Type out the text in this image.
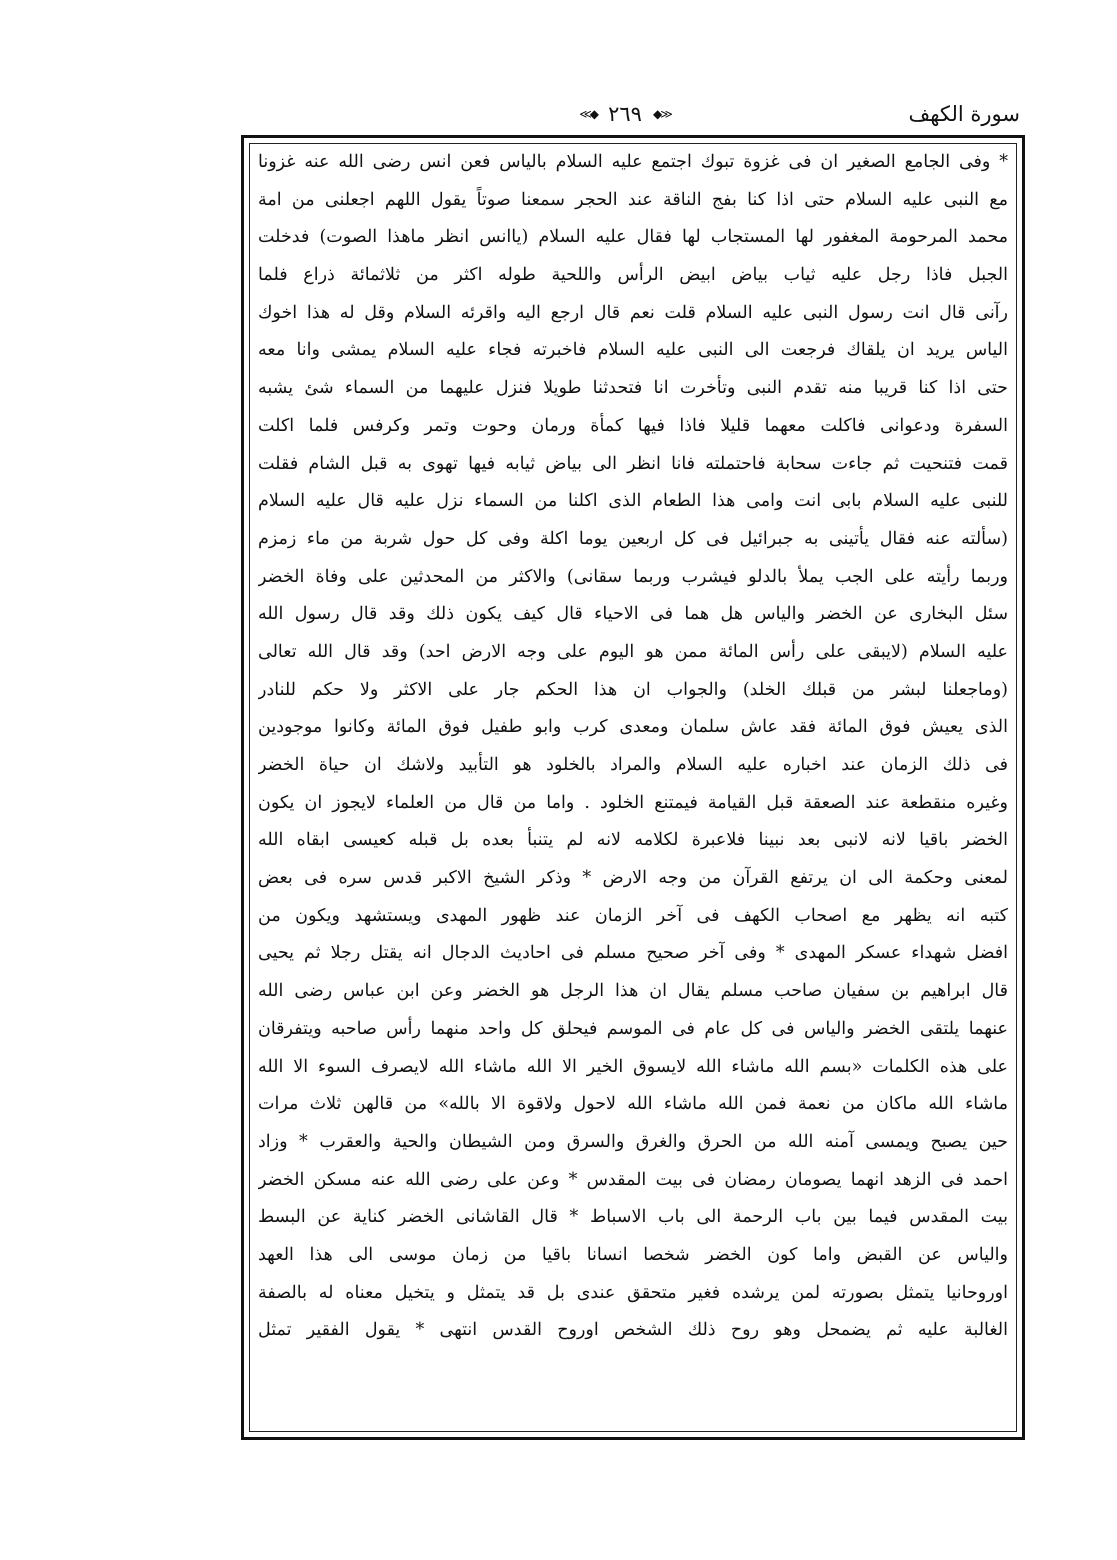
سورة الكهف
≪◆ ٢٦٩ ◆≫
* وفى الجامع الصغير ان فى غزوة تبوك اجتمع عليه السلام بالياس فعن انس رضى الله عنه غزونا
مع النبى عليه السلام حتى اذا كنا بفج الناقة عند الحجر سمعنا صوتاً يقول اللهم اجعلنى من امة
محمد المرحومة المغفور لها المستجاب لها فقال عليه السلام (ياانس انظر ماهذا الصوت) فدخلت
الجبل فاذا رجل عليه ثياب بياض ابيض الرأس واللحية طوله اكثر من ثلاثمائة ذراع فلما
رآنى قال انت رسول النبى عليه السلام قلت نعم قال ارجع اليه واقرئه السلام وقل له هذا اخوك
الياس يريد ان يلقاك فرجعت الى النبى عليه السلام فاخبرته فجاء عليه السلام يمشى وانا معه
حتى اذا كنا قريبا منه تقدم النبى وتأخرت انا فتحدثنا طويلا فنزل عليهما من السماء شئ يشبه
السفرة ودعوانى فاكلت معهما قليلا فاذا فيها كمأة ورمان وحوت وتمر وكرفس فلما اكلت
قمت فتنحيت ثم جاءت سحابة فاحتملته فانا انظر الى بياض ثيابه فيها تهوى به قبل الشام فقلت
للنبى عليه السلام بابى انت وامى هذا الطعام الذى اكلنا من السماء نزل عليه قال عليه السلام
(سألته عنه فقال يأتينى به جبرائيل فى كل اربعين يوما اكلة وفى كل حول شربة من ماء زمزم
وربما رأيته على الجب يملأ بالدلو فيشرب وربما سقانى) والاكثر من المحدثين على وفاة الخضر
سئل البخارى عن الخضر والياس هل هما فى الاحياء قال كيف يكون ذلك وقد قال رسول الله
عليه السلام (لايبقى على رأس المائة ممن هو اليوم على وجه الارض احد) وقد قال الله تعالى
(وماجعلنا لبشر من قبلك الخلد) والجواب ان هذا الحكم جار على الاكثر ولا حكم للنادر
الذى يعيش فوق المائة فقد عاش سلمان ومعدى كرب وابو طفيل فوق المائة وكانوا موجودين
فى ذلك الزمان عند اخباره عليه السلام والمراد بالخلود هو التأبيد ولاشك ان حياة الخضر
وغيره منقطعة عند الصعقة قبل القيامة فيمتنع الخلود . واما من قال من العلماء لايجوز ان يكون
الخضر باقيا لانه لانبى بعد نبينا فلاعبرة لكلامه لانه لم يتنبأ بعده بل قبله كعيسى ابقاه الله
لمعنى وحكمة الى ان يرتفع القرآن من وجه الارض * وذكر الشيخ الاكبر قدس سره فى بعض
كتبه انه يظهر مع اصحاب الكهف فى آخر الزمان عند ظهور المهدى ويستشهد ويكون من
افضل شهداء عسكر المهدى * وفى آخر صحيح مسلم فى احاديث الدجال انه يقتل رجلا ثم يحيى
قال ابراهيم بن سفيان صاحب مسلم يقال ان هذا الرجل هو الخضر وعن ابن عباس رضى الله
عنهما يلتقى الخضر والياس فى كل عام فى الموسم فيحلق كل واحد منهما رأس صاحبه ويتفرقان
على هذه الكلمات «بسم الله ماشاء الله لايسوق الخير الا الله ماشاء الله لايصرف السوء الا الله
ماشاء الله ماكان من نعمة فمن الله ماشاء الله لاحول ولاقوة الا بالله» من قالهن ثلاث مرات
حين يصبح ويمسى آمنه الله من الحرق والغرق والسرق ومن الشيطان والحية والعقرب * وزاد
احمد فى الزهد انهما يصومان رمضان فى بيت المقدس * وعن على رضى الله عنه مسكن الخضر
بيت المقدس فيما بين باب الرحمة الى باب الاسباط * قال القاشانى الخضر كناية عن البسط
والياس عن القبض واما كون الخضر شخصا انسانا باقيا من زمان موسى الى هذا العهد
اوروحانيا يتمثل بصورته لمن يرشده فغير متحقق عندى بل قد يتمثل و يتخيل معناه له بالصفة
الغالبة عليه ثم يضمحل وهو روح ذلك الشخص اوروح القدس انتهى * يقول الفقير تمثل
